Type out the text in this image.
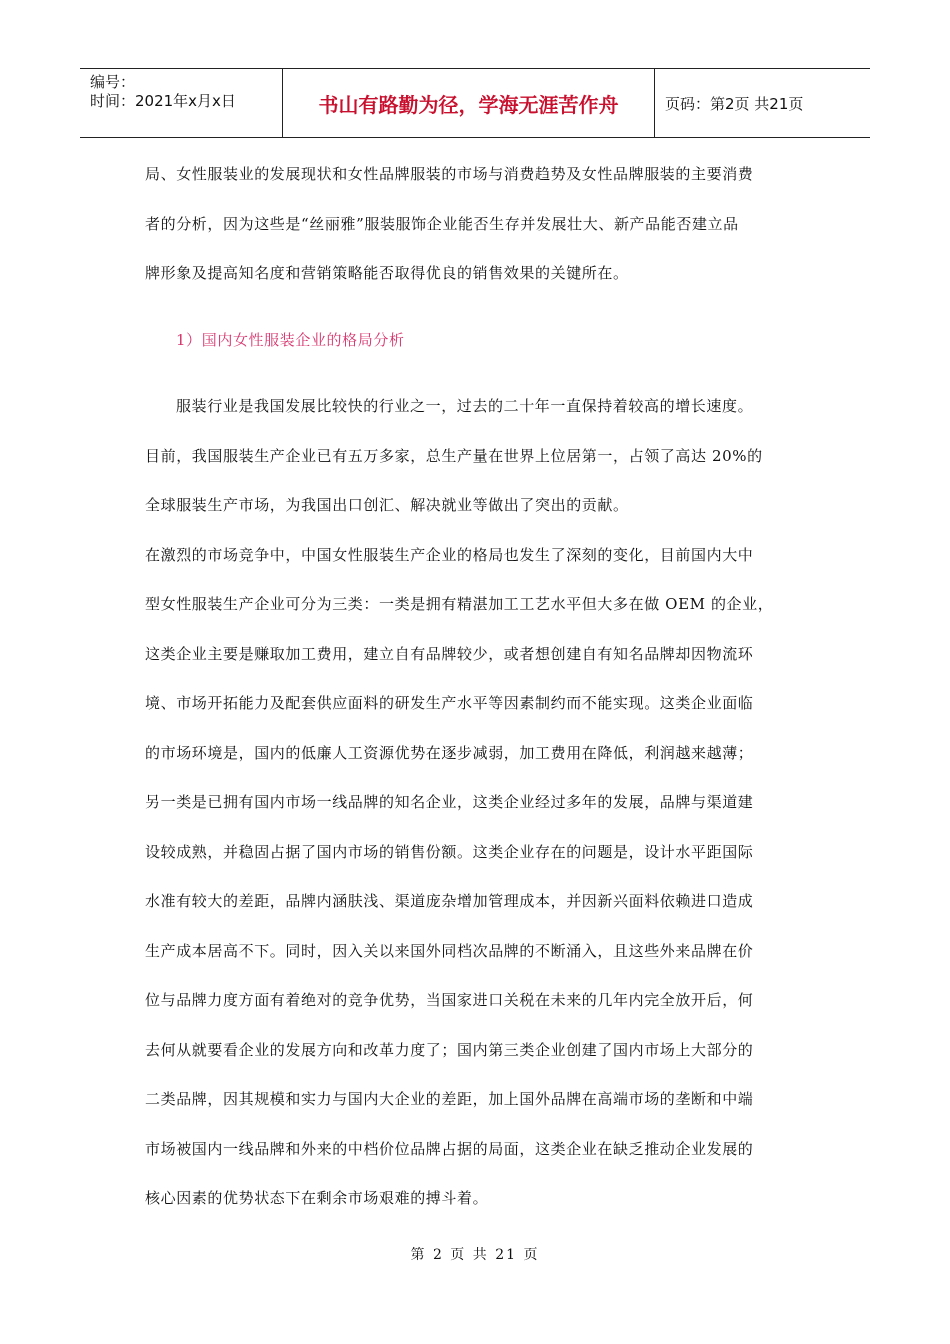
编号：
时间：2021年x月x日	书山有路勤为径，学海无涯苦作舟	页码：第2页 共21页
局、女性服装业的发展现状和女性品牌服装的市场与消费趋势及女性品牌服装的主要消费
者的分析，因为这些是“丝丽雅”服装服饰企业能否生存并发展壮大、新产品能否建立品
牌形象及提高知名度和营销策略能否取得优良的销售效果的关键所在。
1）国内女性服装企业的格局分析
服装行业是我国发展比较快的行业之一，过去的二十年一直保持着较高的增长速度。
目前，我国服装生产企业已有五万多家，总生产量在世界上位居第一，占领了高达 20%的
全球服装生产市场，为我国出口创汇、解决就业等做出了突出的贡献。
在激烈的市场竞争中，中国女性服装生产企业的格局也发生了深刻的变化，目前国内大中
型女性服装生产企业可分为三类：一类是拥有精湛加工工艺水平但大多在做 OEM 的企业，
这类企业主要是赚取加工费用，建立自有品牌较少，或者想创建自有知名品牌却因物流环
境、市场开拓能力及配套供应面料的研发生产水平等因素制约而不能实现。这类企业面临
的市场环境是，国内的低廉人工资源优势在逐步减弱，加工费用在降低，利润越来越薄；
另一类是已拥有国内市场一线品牌的知名企业，这类企业经过多年的发展，品牌与渠道建
设较成熟，并稳固占据了国内市场的销售份额。这类企业存在的问题是，设计水平距国际
水准有较大的差距，品牌内涵肤浅、渠道庞杂增加管理成本，并因新兴面料依赖进口造成
生产成本居高不下。同时，因入关以来国外同档次品牌的不断涌入，且这些外来品牌在价
位与品牌力度方面有着绝对的竞争优势，当国家进口关税在未来的几年内完全放开后，何
去何从就要看企业的发展方向和改革力度了；国内第三类企业创建了国内市场上大部分的
二类品牌，因其规模和实力与国内大企业的差距，加上国外品牌在高端市场的垄断和中端
市场被国内一线品牌和外来的中档价位品牌占据的局面，这类企业在缺乏推动企业发展的
核心因素的优势状态下在剩余市场艰难的搏斗着。
第 2 页 共 21 页
